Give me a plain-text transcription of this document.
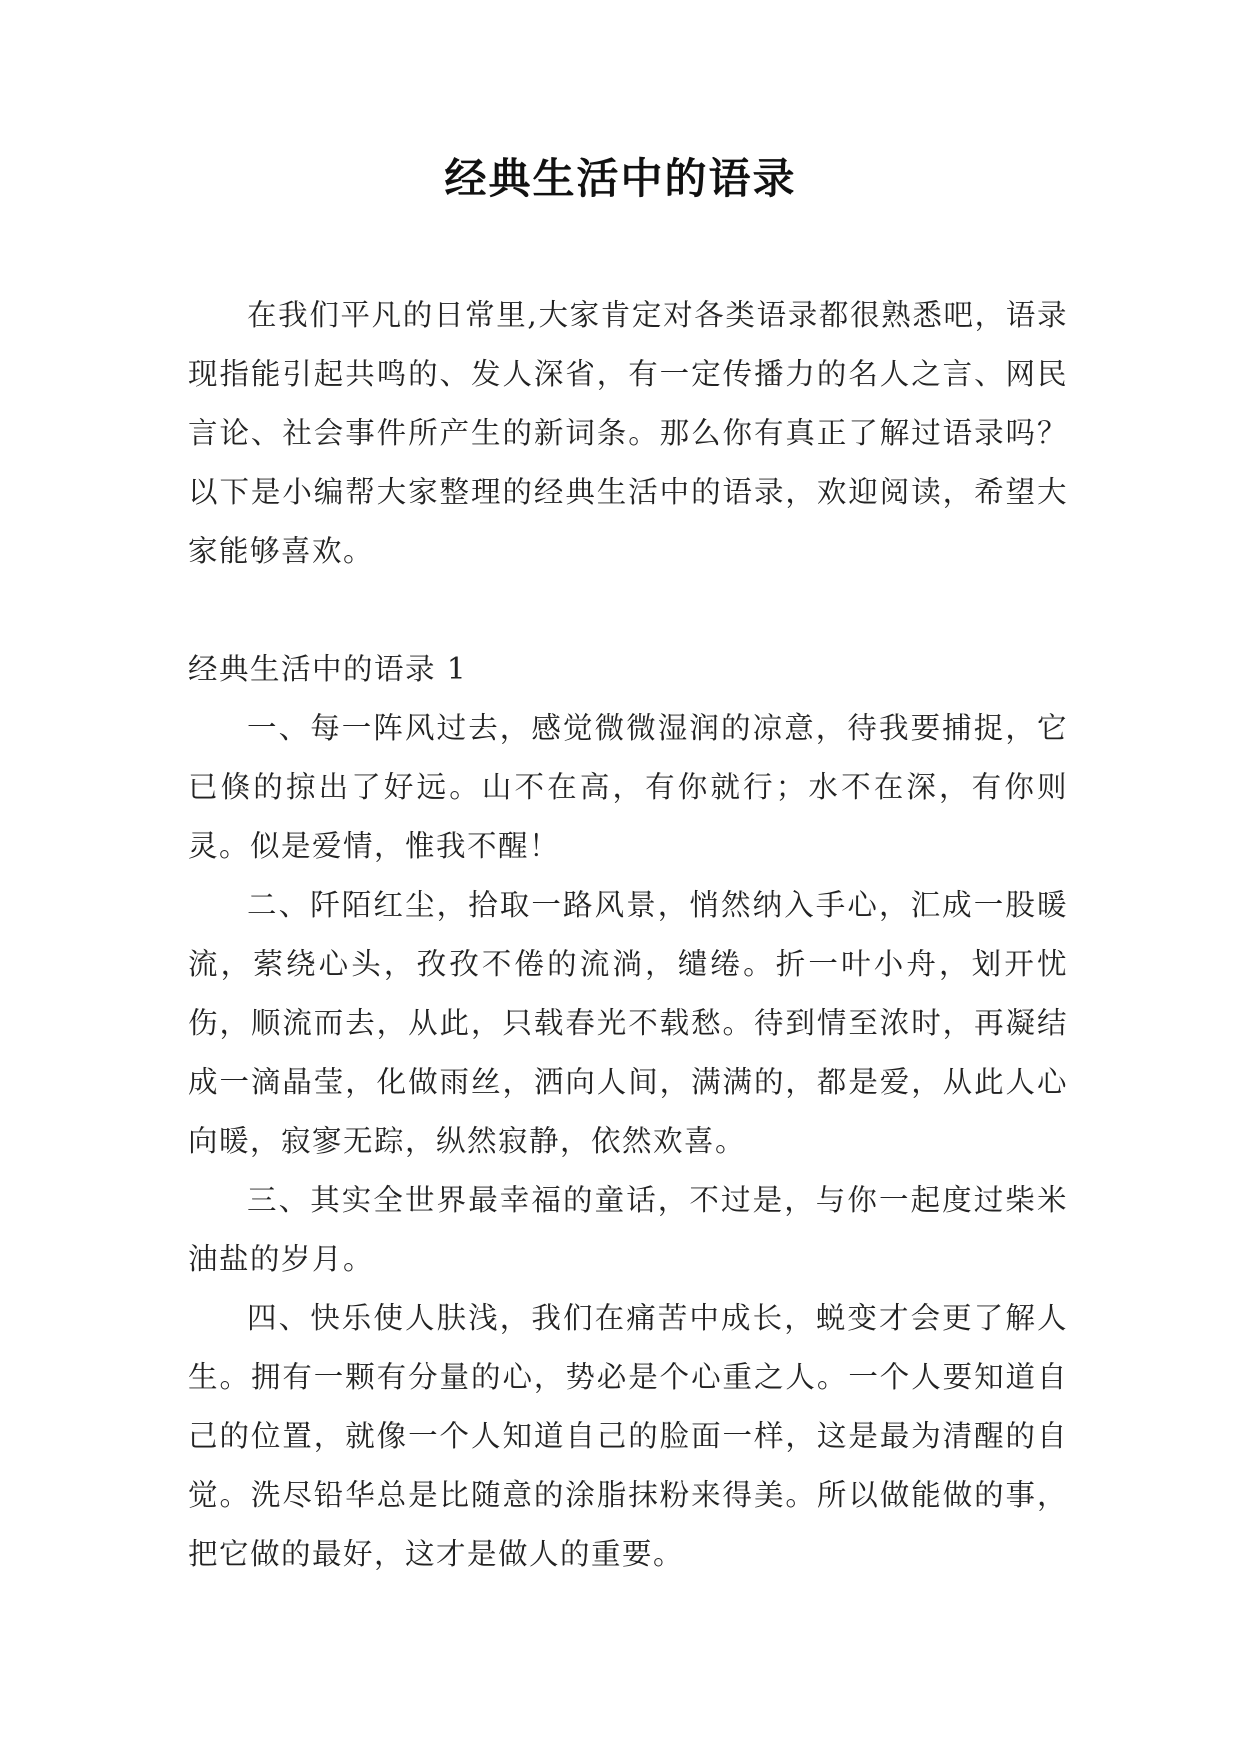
经典生活中的语录

在我们平凡的日常里,大家肯定对各类语录都很熟悉吧，语录现指能引起共鸣的、发人深省，有一定传播力的名人之言、网民言论、社会事件所产生的新词条。那么你有真正了解过语录吗？以下是小编帮大家整理的经典生活中的语录，欢迎阅读，希望大家能够喜欢。

经典生活中的语录 1

一、每一阵风过去，感觉微微湿润的凉意，待我要捕捉，它已倏的掠出了好远。山不在高，有你就行；水不在深，有你则灵。似是爱情，惟我不醒！

二、阡陌红尘，拾取一路风景，悄然纳入手心，汇成一股暖流，萦绕心头，孜孜不倦的流淌，缱绻。折一叶小舟，划开忧伤，顺流而去，从此，只载春光不载愁。待到情至浓时，再凝结成一滴晶莹，化做雨丝，洒向人间，满满的，都是爱，从此人心向暖，寂寥无踪，纵然寂静，依然欢喜。

三、其实全世界最幸福的童话，不过是，与你一起度过柴米油盐的岁月。

四、快乐使人肤浅，我们在痛苦中成长，蜕变才会更了解人生。拥有一颗有分量的心，势必是个心重之人。一个人要知道自己的位置，就像一个人知道自己的脸面一样，这是最为清醒的自觉。洗尽铅华总是比随意的涂脂抹粉来得美。所以做能做的事，把它做的最好，这才是做人的重要。
